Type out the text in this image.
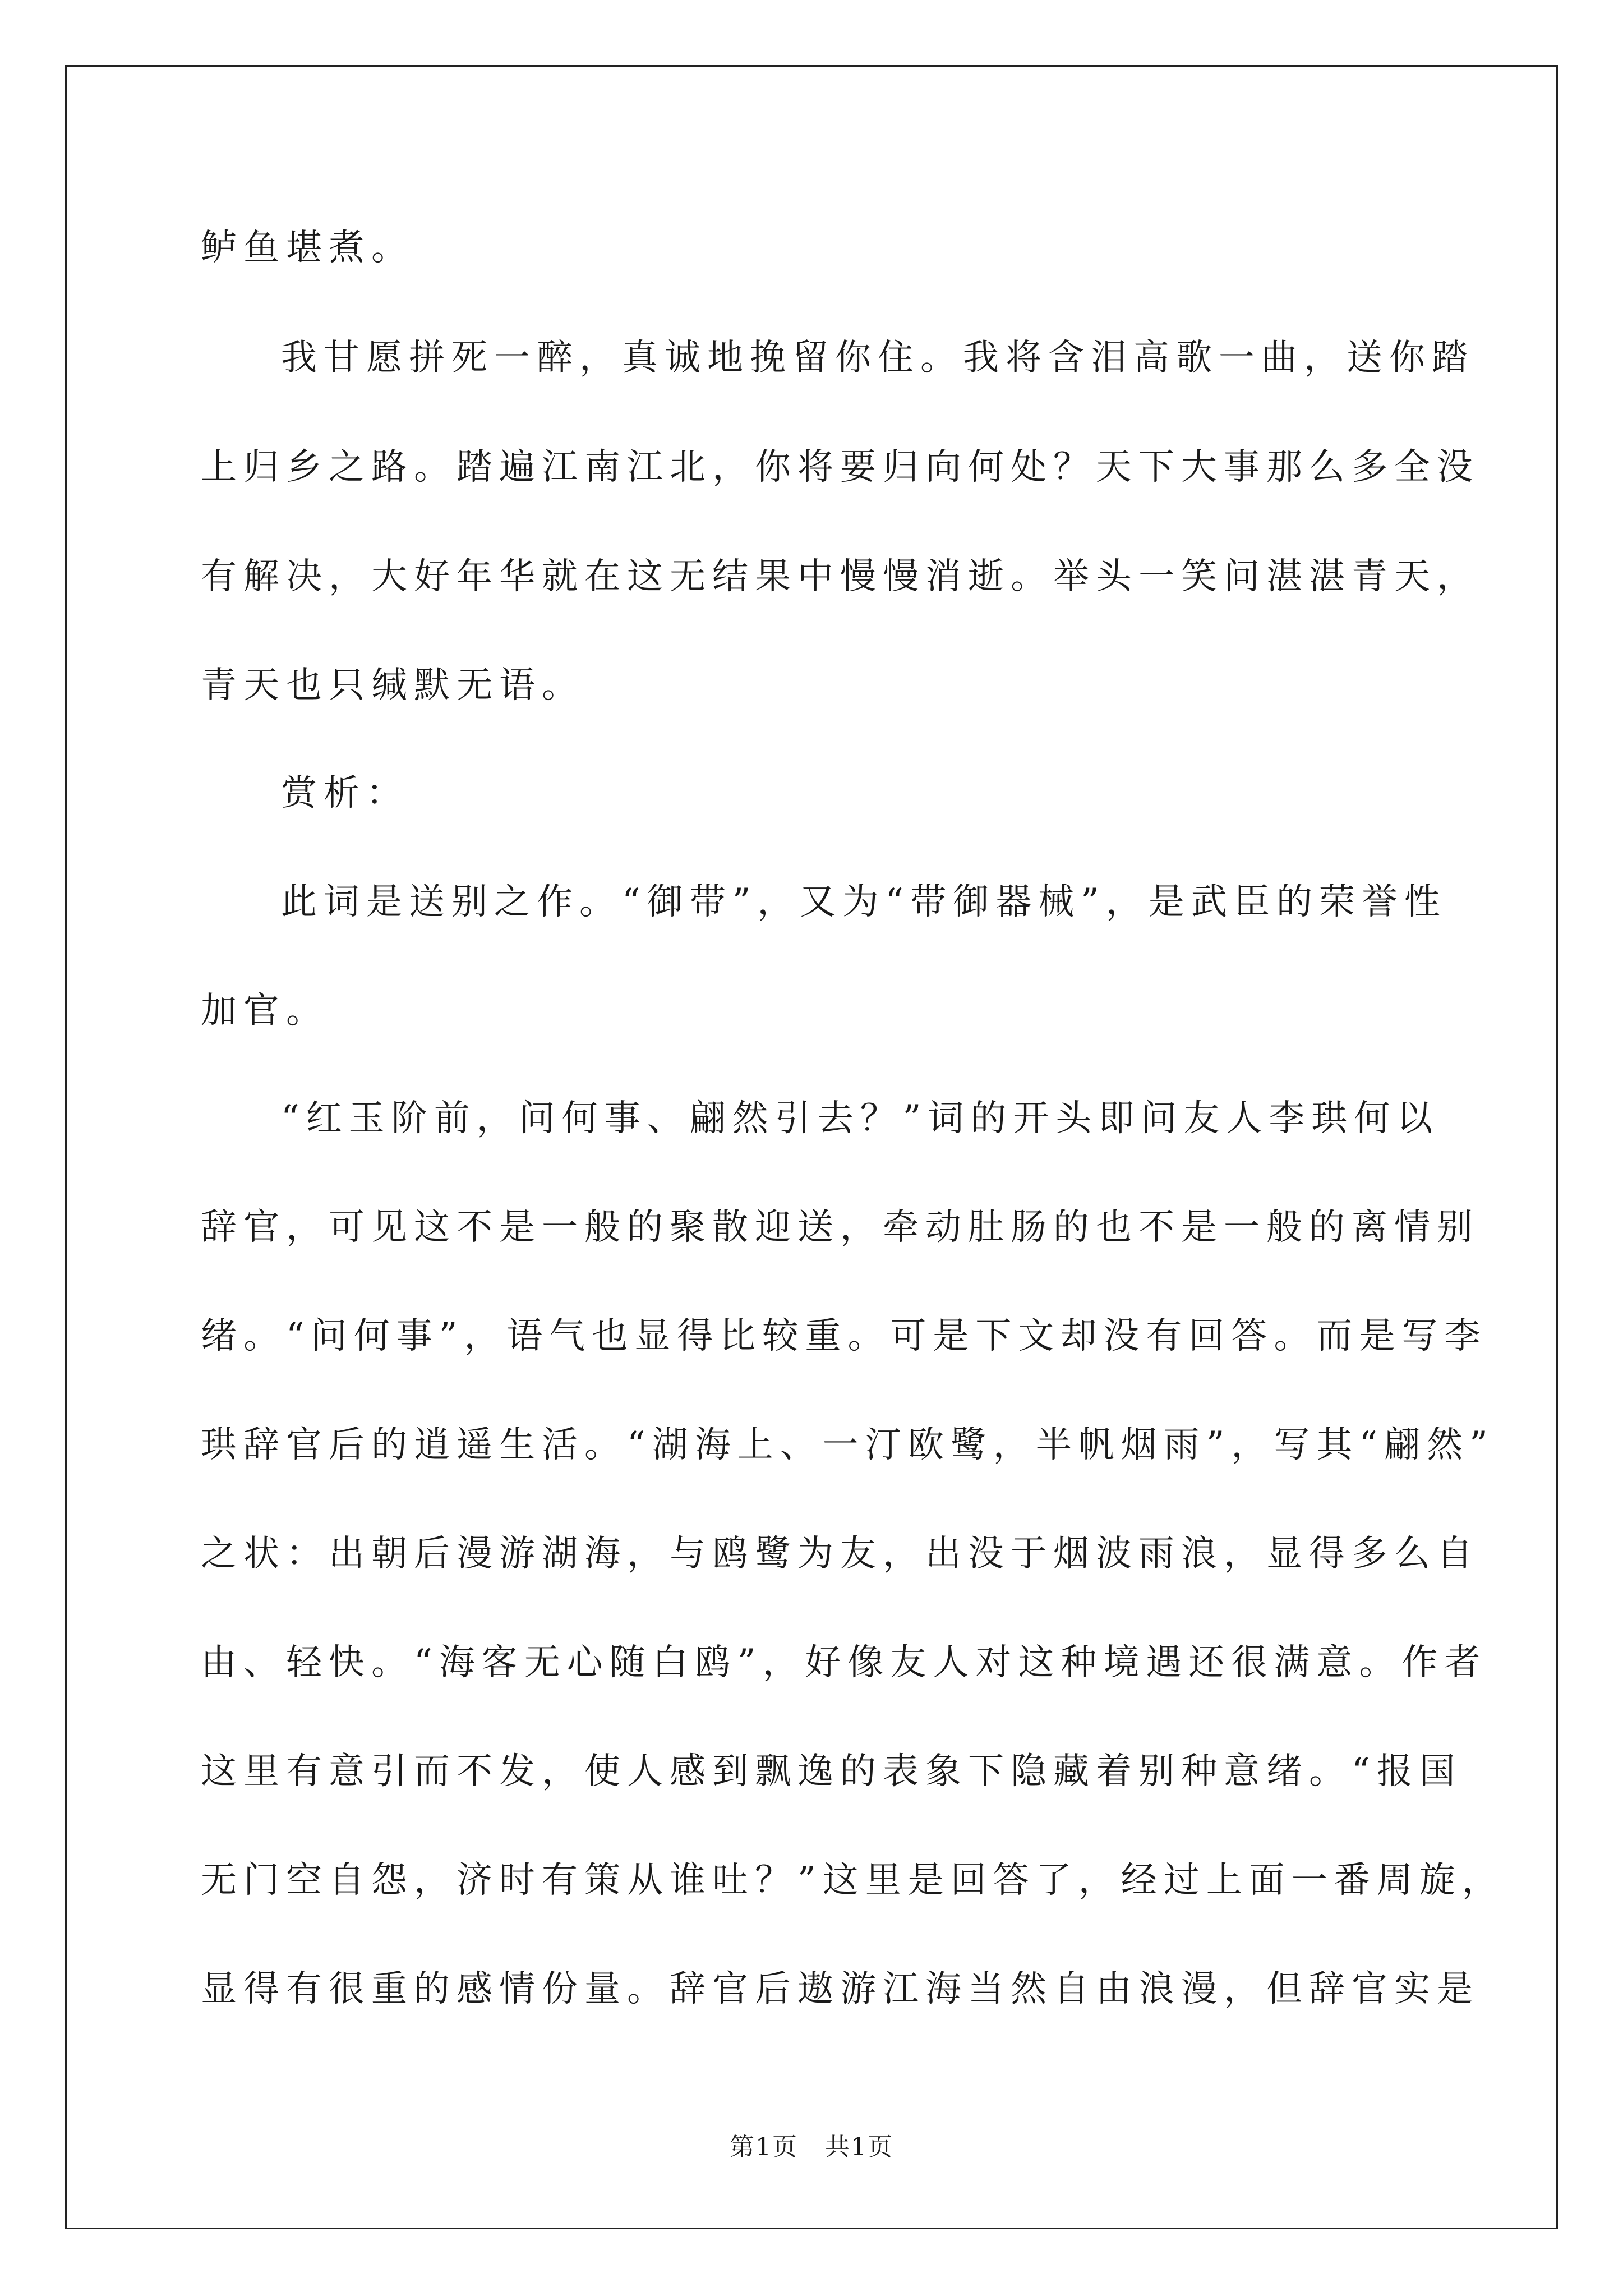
鲈鱼堪煮。
我甘愿拼死一醉，真诚地挽留你住。我将含泪高歌一曲，送你踏
上归乡之路。踏遍江南江北，你将要归向何处？天下大事那么多全没
有解决，大好年华就在这无结果中慢慢消逝。举头一笑问湛湛青天，
青天也只缄默无语。
赏析：
此词是送别之作。“御带”，又为“带御器械”，是武臣的荣誉性
加官。
“红玉阶前，问何事、翩然引去？”词的开头即问友人李珙何以
辞官，可见这不是一般的聚散迎送，牵动肚肠的也不是一般的离情别
绪。“问何事”，语气也显得比较重。可是下文却没有回答。而是写李
珙辞官后的逍遥生活。“湖海上、一汀欧鹭，半帆烟雨”，写其“翩然”
之状：出朝后漫游湖海，与鸥鹭为友，出没于烟波雨浪，显得多么自
由、轻快。“海客无心随白鸥”，好像友人对这种境遇还很满意。作者
这里有意引而不发，使人感到飘逸的表象下隐藏着别种意绪。“报国
无门空自怨，济时有策从谁吐？”这里是回答了，经过上面一番周旋，
显得有很重的感情份量。辞官后遨游江海当然自由浪漫，但辞官实是
第1页   共1页
